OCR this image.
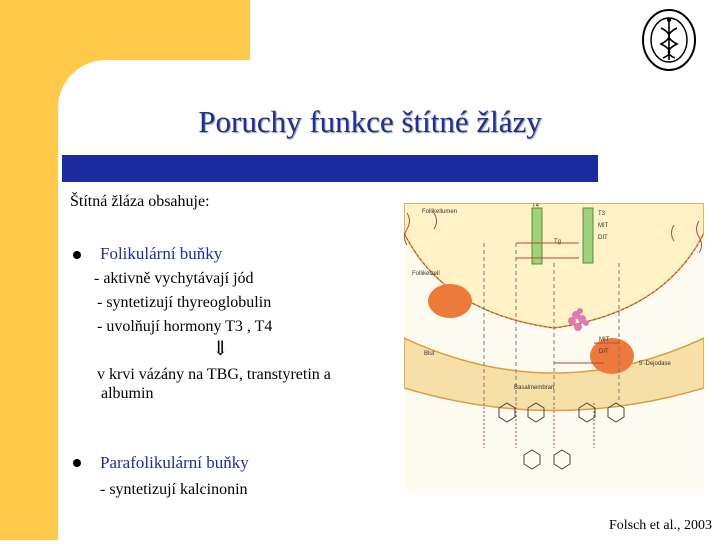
Poruchy funkce štítné žlázy
Štítná žláza obsahuje:
Folikulární buňky
- aktivně vychytávají jód
- syntetizují thyreoglobulin
- uvolňují hormony T3 , T4
⇓
v krvi vázány na TBG, transtyretin a
albumin
Parafolikulární buňky
- syntetizují kalcinonin
Follikellumen
Follikelzell
Blut
Basalmembran
T3
MIT
DIT
T4
Tg
MIT
DIT
5'-Dejodase
Folsch et al., 2003
